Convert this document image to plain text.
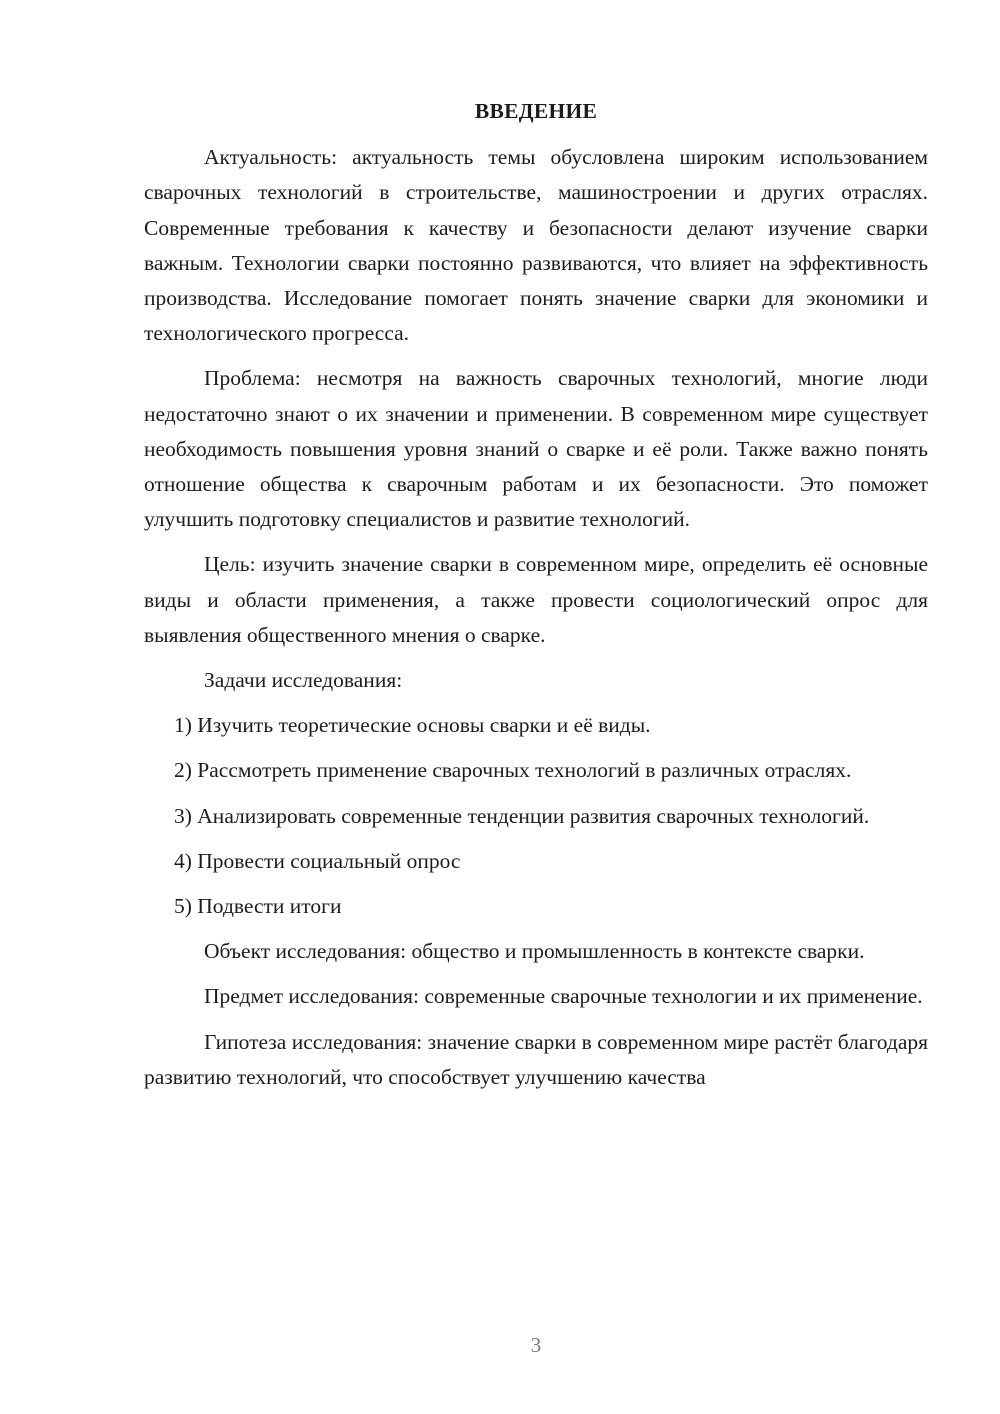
ВВЕДЕНИЕ

Актуальность: актуальность темы обусловлена широким использованием сварочных технологий в строительстве, машиностроении и других отраслях. Современные требования к качеству и безопасности делают изучение сварки важным. Технологии сварки постоянно развиваются, что влияет на эффективность производства. Исследование помогает понять значение сварки для экономики и технологического прогресса.

Проблема: несмотря на важность сварочных технологий, многие люди недостаточно знают о их значении и применении. В современном мире существует необходимость повышения уровня знаний о сварке и её роли. Также важно понять отношение общества к сварочным работам и их безопасности. Это поможет улучшить подготовку специалистов и развитие технологий.

Цель: изучить значение сварки в современном мире, определить её основные виды и области применения, а также провести социологический опрос для выявления общественного мнения о сварке.

Задачи исследования:

1) Изучить теоретические основы сварки и её виды.

2) Рассмотреть применение сварочных технологий в различных отраслях.

3) Анализировать современные тенденции развития сварочных технологий.

4) Провести социальный опрос

5) Подвести итоги

Объект исследования: общество и промышленность в контексте сварки.

Предмет исследования: современные сварочные технологии и их применение.

Гипотеза исследования: значение сварки в современном мире растёт благодаря развитию технологий, что способствует улучшению качества

3
